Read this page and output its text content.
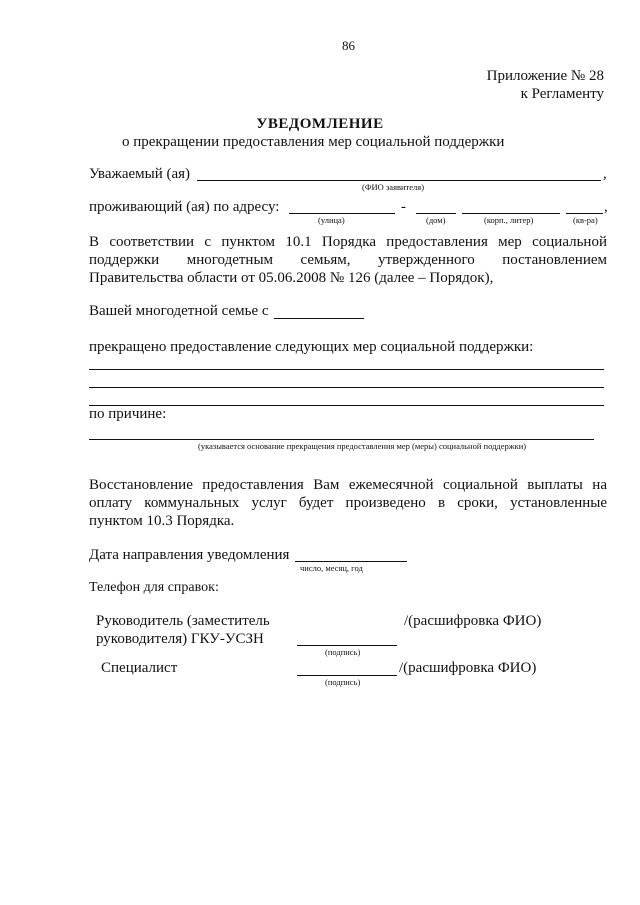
86
Приложение № 28
к Регламенту
УВЕДОМЛЕНИЕ
о прекращении предоставления мер социальной поддержки
Уважаемый (ая)	,
(ФИО заявителя)
проживающий (ая) по адресу:	-	,
(улица)	(дом)	(корп., литер)	(кв-ра)
В соответствии с пунктом 10.1 Порядка предоставления мер социальной
поддержки многодетным семьям, утвержденного постановлением
Правительства области от 05.06.2008 № 126 (далее – Порядок),
Вашей многодетной семье с
прекращено предоставление следующих мер социальной поддержки:
по причине:
(указывается основание прекращения предоставления мер (меры) социальной поддержки)
Восстановление предоставления Вам ежемесячной социальной выплаты на
оплату коммунальных услуг будет произведено в сроки, установленные
пунктом 10.3 Порядка.
Дата направления уведомления
число, месяц, год
Телефон для справок:
Руководитель (заместитель
руководителя) ГКУ-УСЗН
/(расшифровка ФИО)
(подпись)
Специалист	/(расшифровка ФИО)
(подпись)
